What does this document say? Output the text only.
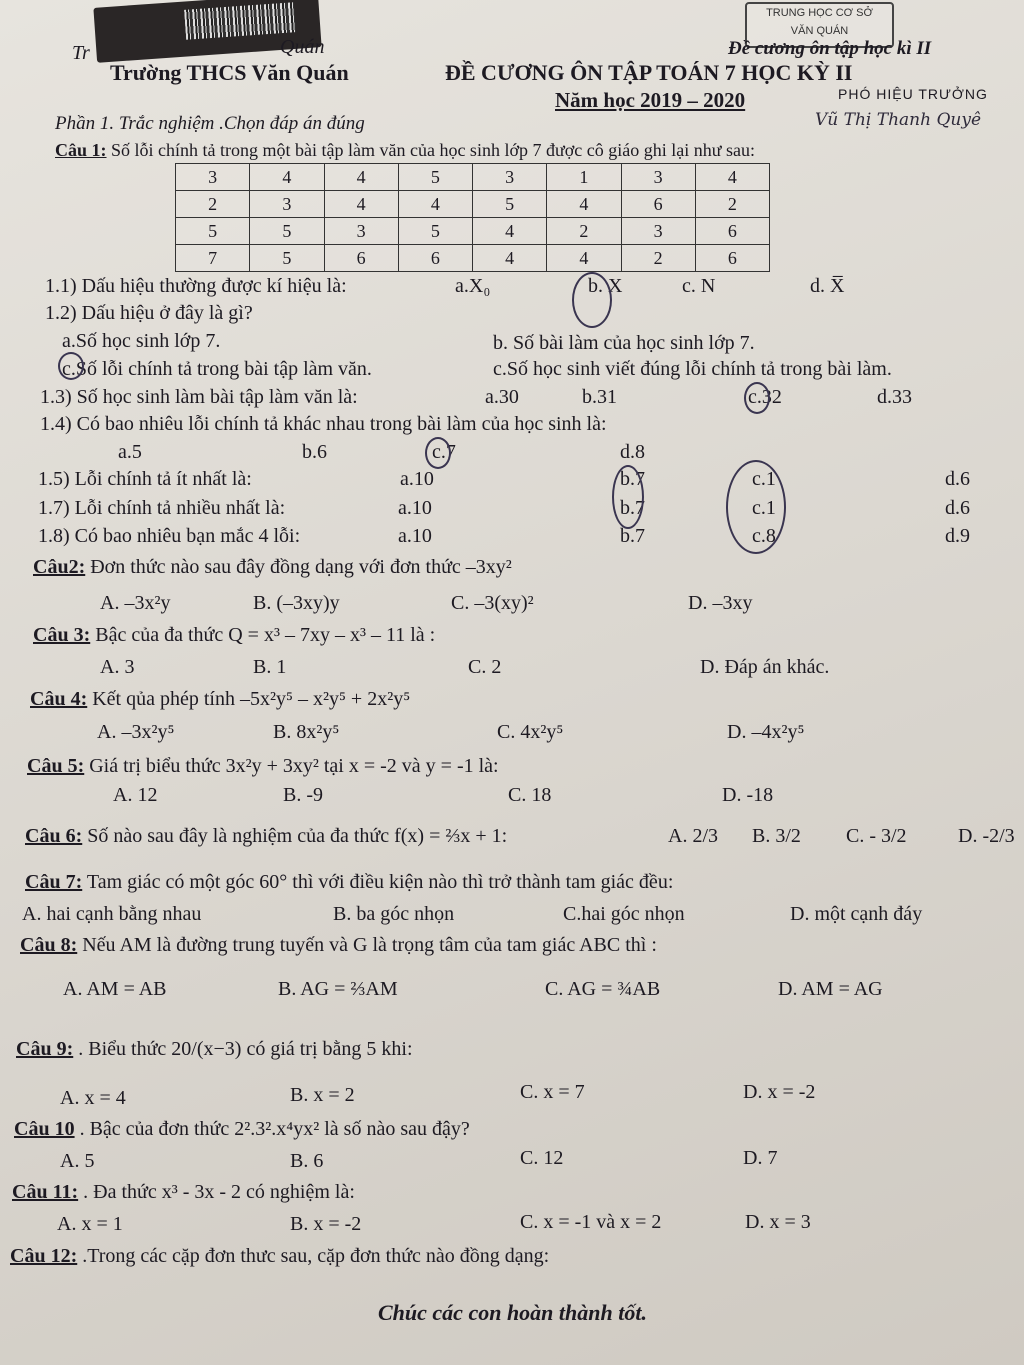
TRUNG HỌC CƠ SỞ
VĂN QUÁN
Tr	Quán	Đề cương ôn tập học kì II
Trường THCS Văn Quán	ĐỀ CƯƠNG ÔN TẬP TOÁN 7 HỌC KỲ II
Năm học 2019 – 2020	PHÓ HIỆU TRƯỞNG
Vũ Thị Thanh Quyê
Phần 1. Trắc nghiệm .Chọn đáp án đúng
Câu 1: Số lỗi chính tả trong một bài tập làm văn của học sinh lớp 7 được cô giáo ghi lại như sau:
3	4	4	5	3	1	3	4
2	3	4	4	5	4	6	2
5	5	3	5	4	2	3	6
7	5	6	6	4	4	2	6
1.1) Dấu hiệu thường được kí hiệu là:	a.X₀	b. X	c. N	d. X̅
1.2) Dấu hiệu ở đây là gì?
a.Số học sinh lớp 7.	b. Số bài làm của học sinh lớp 7.
c.Số lỗi chính tả trong bài tập làm văn.	c.Số học sinh viết đúng lỗi chính tả trong bài làm.
1.3) Số học sinh làm bài tập làm văn là:	a.30	b.31	c.32	d.33
1.4) Có bao nhiêu lỗi chính tả khác nhau trong bài làm của học sinh là:
a.5	b.6	c.7	d.8
1.5) Lỗi chính tả ít nhất là:	a.10	b.7	c.1	d.6
1.7) Lỗi chính tả nhiều nhất là:	a.10	b.7	c.1	d.6
1.8) Có bao nhiêu bạn mắc 4 lỗi:	a.10	b.7	c.8	d.9
Câu2: Đơn thức nào sau đây đồng dạng với đơn thức –3xy²
A. –3x²y	B. (–3xy)y	C. –3(xy)²	D. –3xy
Câu 3: Bậc của đa thức Q = x³ – 7xy – x³ – 11 là :
A. 3	B. 1	C. 2	D. Đáp án khác.
Câu 4: Kết qủa phép tính –5x²y⁵ – x²y⁵ + 2x²y⁵
A. –3x²y⁵	B. 8x²y⁵	C. 4x²y⁵	D. –4x²y⁵
Câu 5: Giá trị biểu thức 3x²y + 3xy² tại x = -2 và y = -1 là:
A. 12	B. -9	C. 18	D. -18
Câu 6: Số nào sau đây là nghiệm của đa thức f(x) = ⅔x + 1:	A. 2/3 B. 3/2 C. - 3/2	D. -2/3
Câu 7: Tam giác có một góc 60° thì với điều kiện nào thì trở thành tam giác đều:
A. hai cạnh bằng nhau	B. ba góc nhọn	C.hai góc nhọn	D. một cạnh đáy
Câu 8: Nếu AM là đường trung tuyến và G là trọng tâm của tam giác ABC thì :
A. AM = AB	B. AG = ⅔AM	C. AG = ¾AB	D. AM = AG
Câu 9: . Biểu thức 20/(x−3) có giá trị bằng 5 khi:
A. x = 4	B. x = 2	C. x = 7	D. x = -2
Câu 10 . Bậc của đơn thức 2².3².x⁴yx² là số nào sau đậy?
A. 5	B. 6	C. 12	D. 7
Câu 11: . Đa thức x³ - 3x - 2 có nghiệm là:
A. x = 1	B. x = -2	C. x = -1 và x = 2	D. x = 3
Câu 12: .Trong các cặp đơn thưc sau, cặp đơn thức nào đồng dạng:
Chúc các con hoàn thành tốt.
